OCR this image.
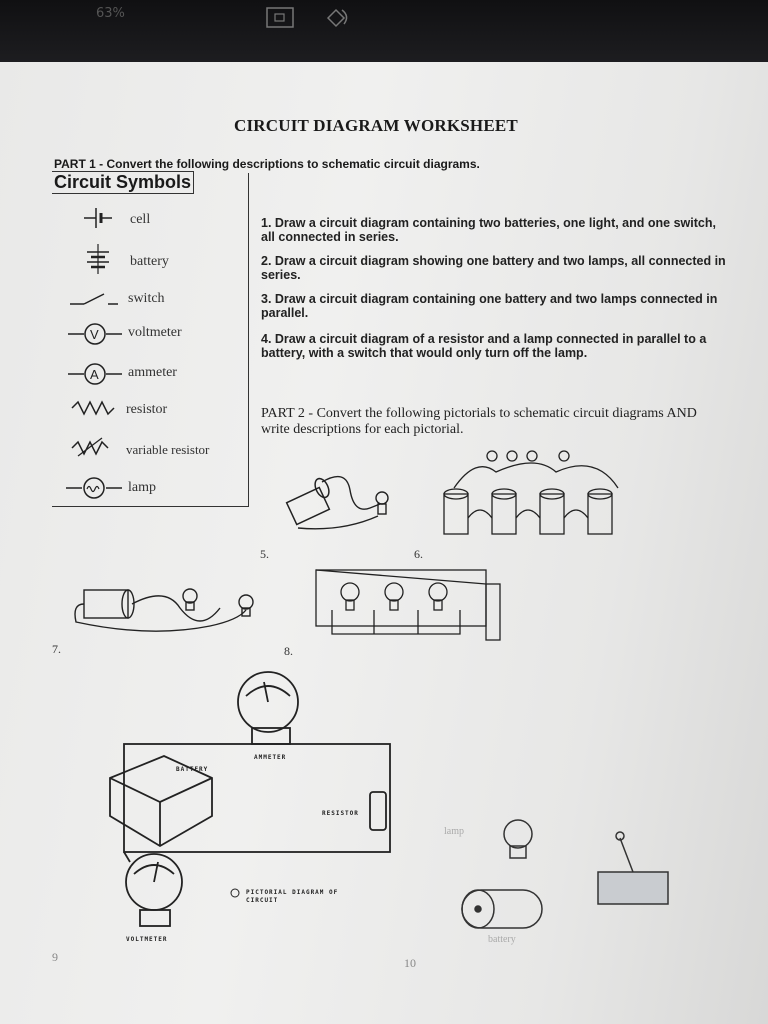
63%
CIRCUIT DIAGRAM WORKSHEET
PART 1 - Convert the following descriptions to schematic circuit diagrams.
Circuit Symbols
V
A
cell
battery
switch
voltmeter
ammeter
resistor
variable resistor
lamp
1. Draw a circuit diagram containing two batteries, one light, and one switch, all connected in series.
2. Draw a circuit diagram showing one battery and two lamps, all connected in series.
3. Draw a circuit diagram containing one battery and two lamps connected in parallel.
4. Draw a circuit diagram of a resistor and a lamp connected in parallel to a battery, with a switch that would only turn off the lamp.
PART 2 - Convert the following pictorials to schematic circuit diagrams AND write descriptions for each pictorial.
5.	6.
7.	8.
AMMETER
BATTERY
RESISTOR
VOLTMETER
PICTORIAL DIAGRAM OF CIRCUIT
lamp
battery
9	10
